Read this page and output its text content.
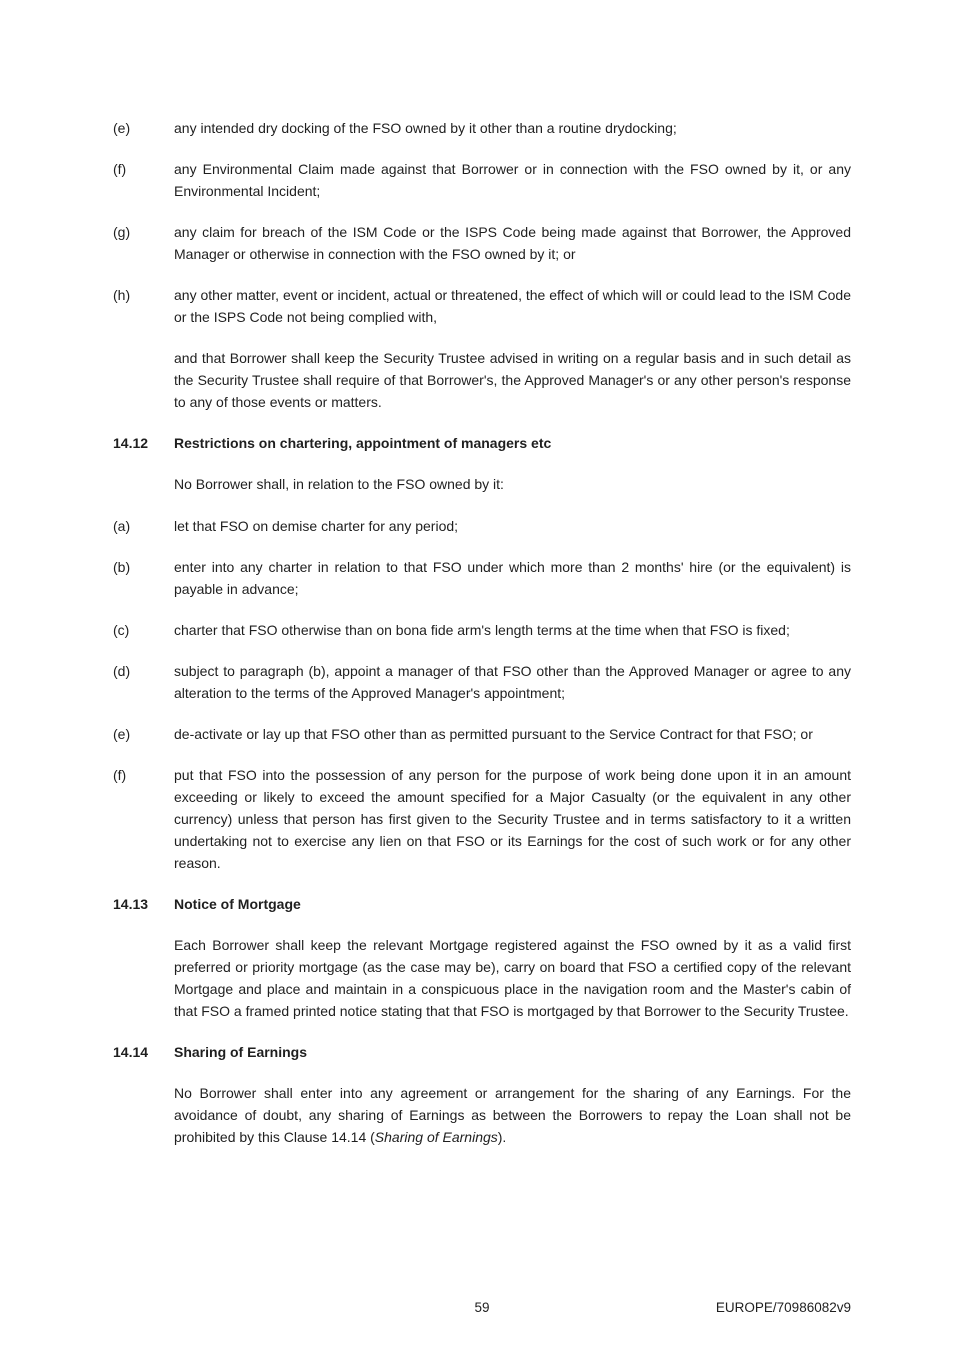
(e)	any intended dry docking of the FSO owned by it other than a routine drydocking;
(f)	any Environmental Claim made against that Borrower or in connection with the FSO owned by it, or any Environmental Incident;
(g)	any claim for breach of the ISM Code or the ISPS Code being made against that Borrower, the Approved Manager or otherwise in connection with the FSO owned by it; or
(h)	any other matter, event or incident, actual or threatened, the effect of which will or could lead to the ISM Code or the ISPS Code not being complied with,

and that Borrower shall keep the Security Trustee advised in writing on a regular basis and in such detail as the Security Trustee shall require of that Borrower's, the Approved Manager's or any other person's response to any of those events or matters.

14.12	Restrictions on chartering, appointment of managers etc

No Borrower shall, in relation to the FSO owned by it:

(a)	let that FSO on demise charter for any period;
(b)	enter into any charter in relation to that FSO under which more than 2 months' hire (or the equivalent) is payable in advance;
(c)	charter that FSO otherwise than on bona fide arm's length terms at the time when that FSO is fixed;
(d)	subject to paragraph (b), appoint a manager of that FSO other than the Approved Manager or agree to any alteration to the terms of the Approved Manager's appointment;
(e)	de-activate or lay up that FSO other than as permitted pursuant to the Service Contract for that FSO; or
(f)	put that FSO into the possession of any person for the purpose of work being done upon it in an amount exceeding or likely to exceed the amount specified for a Major Casualty (or the equivalent in any other currency) unless that person has first given to the Security Trustee and in terms satisfactory to it a written undertaking not to exercise any lien on that FSO or its Earnings for the cost of such work or for any other reason.
14.13	Notice of Mortgage

Each Borrower shall keep the relevant Mortgage registered against the FSO owned by it as a valid first preferred or priority mortgage (as the case may be), carry on board that FSO a certified copy of the relevant Mortgage and place and maintain in a conspicuous place in the navigation room and the Master's cabin of that FSO a framed printed notice stating that that FSO is mortgaged by that Borrower to the Security Trustee.

14.14	Sharing of Earnings

No Borrower shall enter into any agreement or arrangement for the sharing of any Earnings. For the avoidance of doubt, any sharing of Earnings as between the Borrowers to repay the Loan shall not be prohibited by this Clause 14.14 (Sharing of Earnings).

59	EUROPE/70986082v9
